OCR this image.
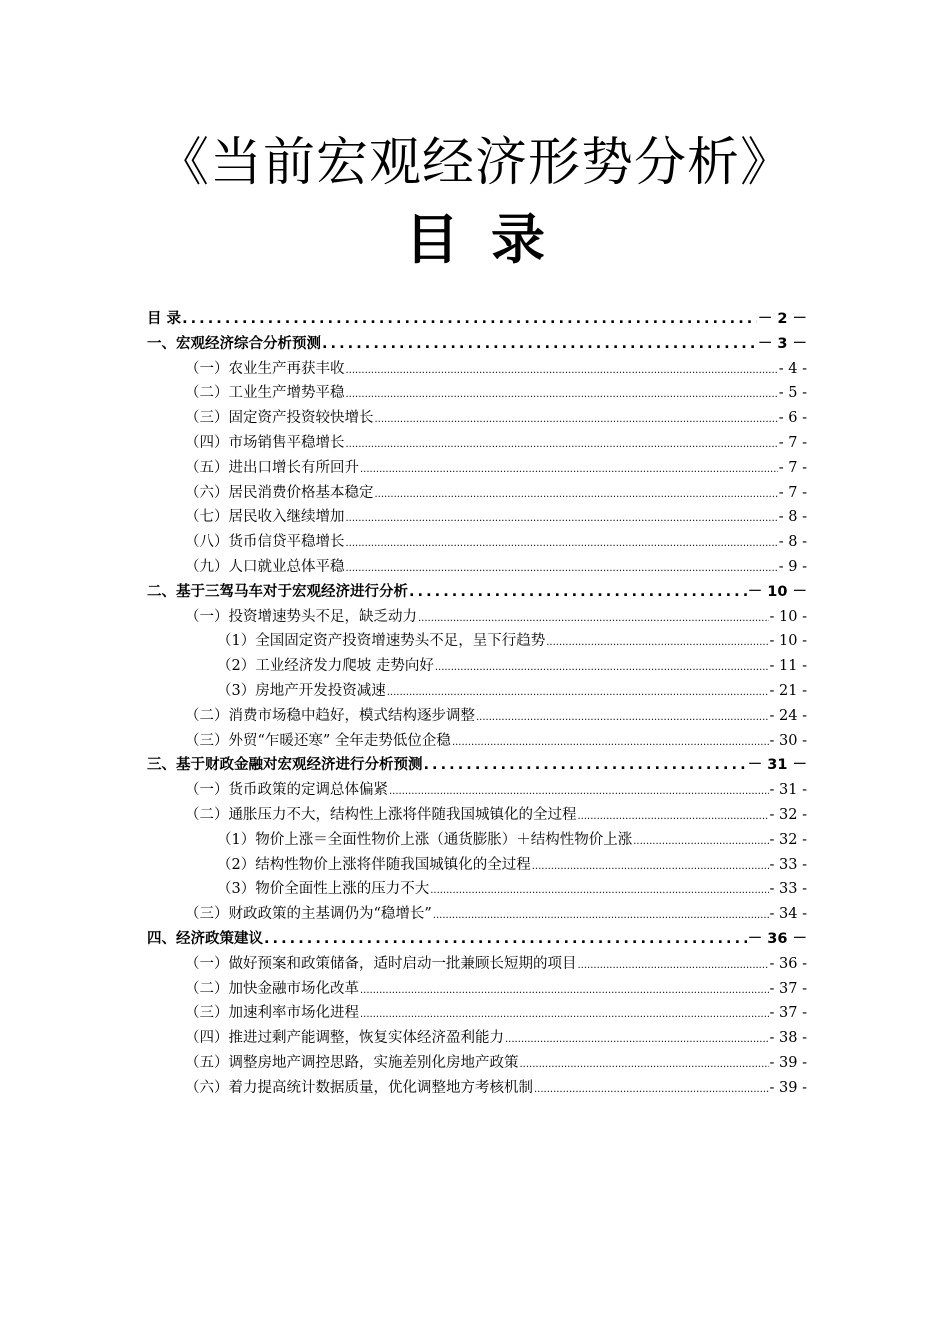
《当前宏观经济形势分析》
目 录
目 录 . . .	－ 2 －
一、宏观经济综合分析预测 . . .	－ 3 －
（一）农业生产再获丰收 .....	- 4 -
（二）工业生产增势平稳 .....	- 5 -
（三）固定资产投资较快增长 .....	- 6 -
（四）市场销售平稳增长 .....	- 7 -
（五）进出口增长有所回升 .....	- 7 -
（六）居民消费价格基本稳定 .....	- 7 -
（七）居民收入继续增加 .....	- 8 -
（八）货币信贷平稳增长 .....	- 8 -
（九）人口就业总体平稳 .....	- 9 -
二、基于三驾马车对于宏观经济进行分析 . . .	－ 10 －
（一）投资增速势头不足，缺乏动力 .....	- 10 -
（1）全国固定资产投资增速势头不足，呈下行趋势 .....	- 10 -
（2）工业经济发力爬坡 走势向好 .....	- 11 -
（3）房地产开发投资减速 .....	- 21 -
（二）消费市场稳中趋好，模式结构逐步调整 .....	- 24 -
（三）外贸“乍暖还寒” 全年走势低位企稳 .....	- 30 -
三、基于财政金融对宏观经济进行分析预测 . . .	－ 31 －
（一）货币政策的定调总体偏紧 .....	- 31 -
（二）通胀压力不大，结构性上涨将伴随我国城镇化的全过程 .....	- 32 -
（1）物价上涨＝全面性物价上涨（通货膨胀）＋结构性物价上涨 .....	- 32 -
（2）结构性物价上涨将伴随我国城镇化的全过程 .....	- 33 -
（3）物价全面性上涨的压力不大 .....	- 33 -
（三）财政政策的主基调仍为“稳增长” .....	- 34 -
四、经济政策建议 . . .	－ 36 －
（一）做好预案和政策储备，适时启动一批兼顾长短期的项目 .....	- 36 -
（二）加快金融市场化改革 .....	- 37 -
（三）加速利率市场化进程 .....	- 37 -
（四）推进过剩产能调整，恢复实体经济盈利能力 .....	- 38 -
（五）调整房地产调控思路，实施差别化房地产政策 .....	- 39 -
（六）着力提高统计数据质量，优化调整地方考核机制 .....	- 39 -
